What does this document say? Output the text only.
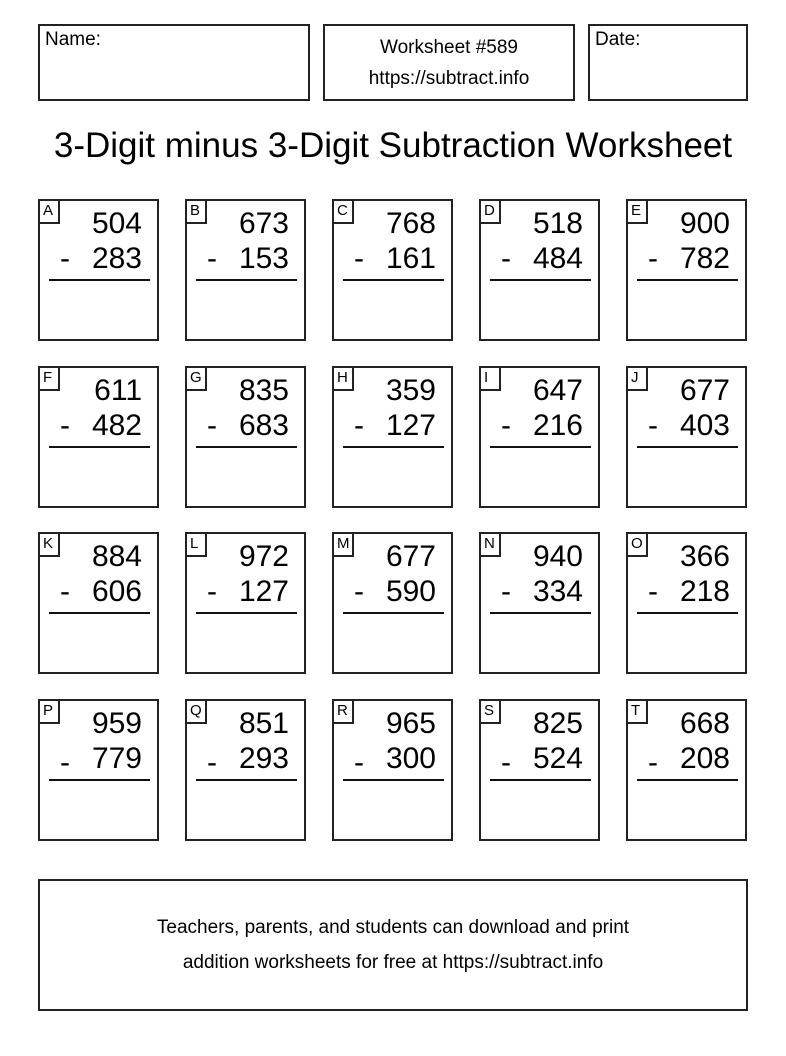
Name:	Worksheet #589
https://subtract.info
Date:
3-Digit minus 3-Digit Subtraction Worksheet
A 504
- 283
B 673
- 153
C 768
- 161
D 518
- 484
E 900
- 782
F 611
- 482
G 835
- 683
H 359
- 127
I	647
- 216
J	677
- 403
K 884
- 606
L 972
- 127
M 677
- 590
N 940
- 334
O 366
- 218
P 959
- 779
Q 851
- 293
R 965
- 300
S 825
- 524
T 668
- 208
Teachers, parents, and students can download and print
addition worksheets for free at https://subtract.info
